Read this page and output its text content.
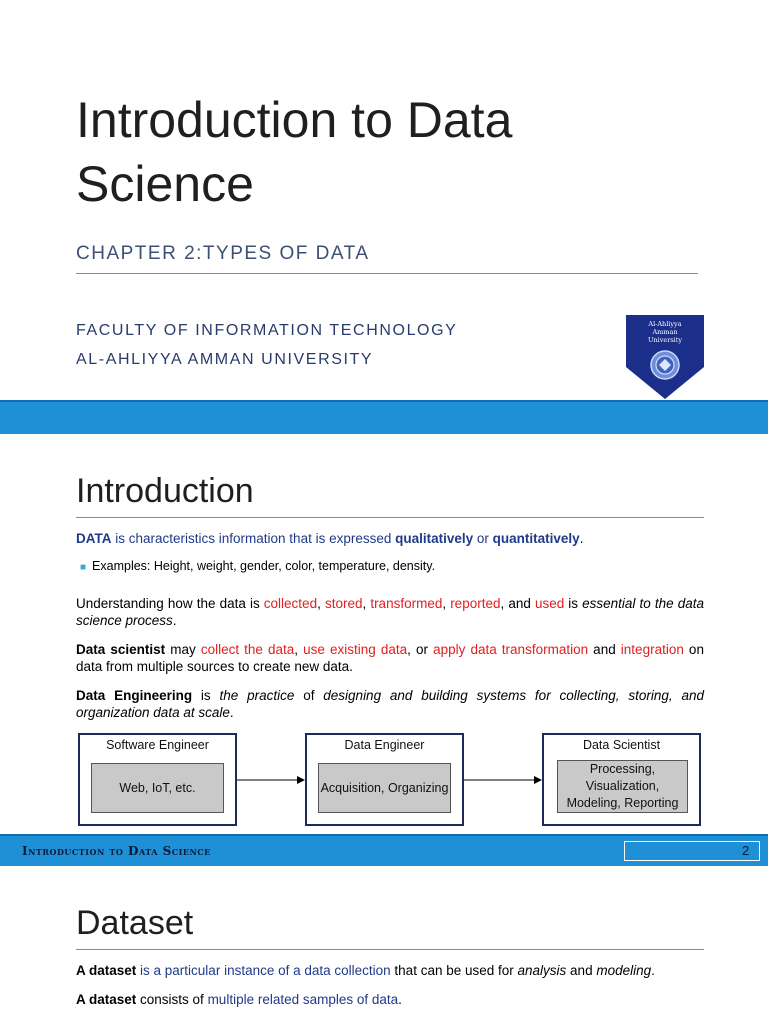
Introduction to Data Science
CHAPTER 2:TYPES OF DATA
FACULTY OF INFORMATION TECHNOLOGY
AL-AHLIYYA AMMAN UNIVERSITY
Al-Ahliyya
Amman
University
Introduction
DATA is characteristics information that is expressed qualitatively or quantitatively.
■ Examples: Height, weight, gender, color, temperature, density.
Understanding how the data is collected, stored, transformed, reported, and used is essential to the data science process.
Data scientist may collect the data, use existing data, or apply data transformation and integration on data from multiple sources to create new data.
Data Engineering is the practice of designing and building systems for collecting, storing, and organization data at scale.
Software Engineer
Web, IoT, etc.
Data Engineer
Acquisition, Organizing
Data Scientist
Processing, Visualization, Modeling, Reporting
Introduction to Data Science	2
Dataset
A dataset is a particular instance of a data collection that can be used for analysis and modeling.
A dataset consists of multiple related samples of data.
